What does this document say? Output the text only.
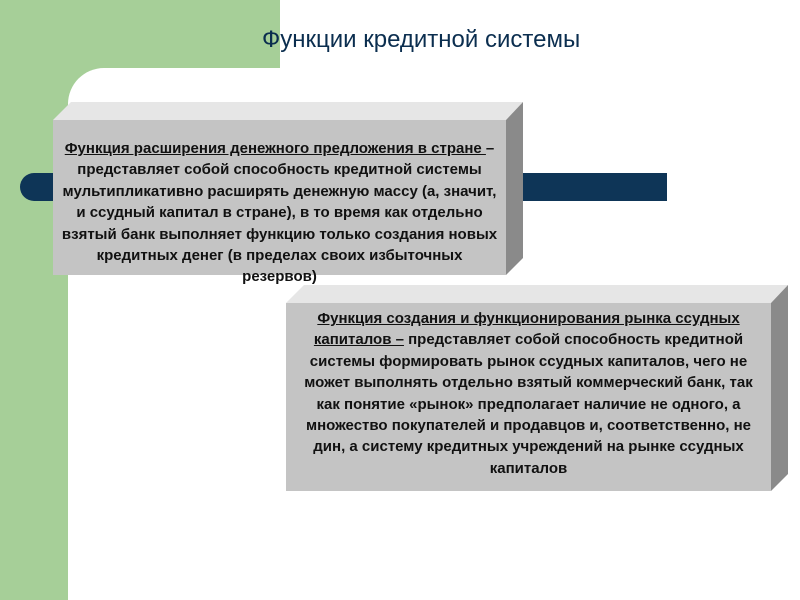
Функции кредитной системы
Функция расширения денежного предложения в стране – представляет собой способность кредитной системы мультипликативно расширять денежную массу (а, значит, и ссудный капитал в стране), в то время как отдельно взятый банк выполняет функцию только создания новых кредитных денег (в пределах своих избыточных резервов)
Функция создания и функционирования рынка ссудных капиталов – представляет собой способность кредитной системы формировать рынок ссудных капиталов, чего не может выполнять отдельно взятый коммерческий банк, так как понятие «рынок» предполагает наличие не одного, а множество покупателей и продавцов и, соответственно, не дин, а систему кредитных учреждений на рынке ссудных капиталов
